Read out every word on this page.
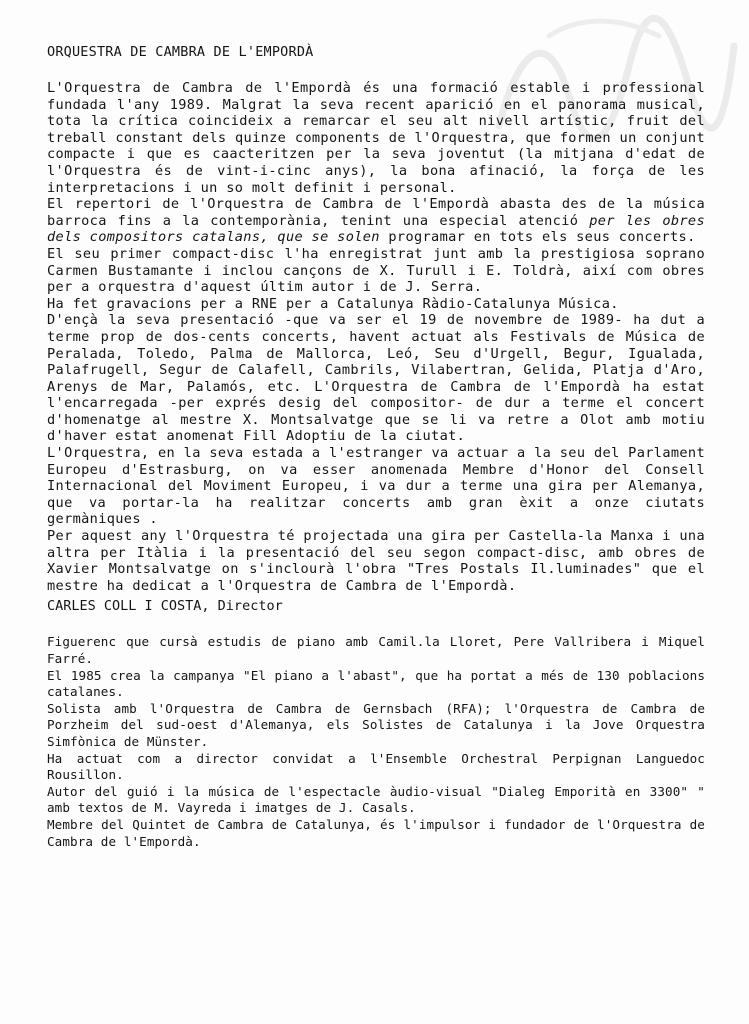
ORQUESTRA DE CAMBRA DE L'EMPORDÀ

L'Orquestra de Cambra de l'Empordà és una formació estable i professional fundada l'any 1989. Malgrat la seva recent aparició en el panorama musical, tota la crítica coincideix a remarcar el seu alt nivell artístic, fruit del treball constant dels quinze components de l'Orquestra, que formen un conjunt compacte i que es caacteritzen per la seva joventut (la mitjana d'edat de l'Orquestra és de vint-i-cinc anys), la bona afinació, la força de les interpretacions i un so molt definit i personal.

El repertori de l'Orquestra de Cambra de l'Empordà abasta des de la música barroca fins a la contemporània, tenint una especial atenció per les obres dels compositors catalans, que se solen programar en tots els seus concerts.

El seu primer compact-disc l'ha enregistrat junt amb la prestigiosa soprano Carmen Bustamante i inclou cançons de X. Turull i E. Toldrà, així com obres per a orquestra d'aquest últim autor i de J. Serra.

Ha fet gravacions per a RNE per a Catalunya Ràdio-Catalunya Música.

D'ençà la seva presentació -que va ser el 19 de novembre de 1989- ha dut a terme prop de dos-cents concerts, havent actuat als Festivals de Música de Peralada, Toledo, Palma de Mallorca, Leó, Seu d'Urgell, Begur, Igualada, Palafrugell, Segur de Calafell, Cambrils, Vilabertran, Gelida, Platja d'Aro, Arenys de Mar, Palamós, etc. L'Orquestra de Cambra de l'Empordà ha estat l'encarregada -per exprés desig del compositor- de dur a terme el concert d'homenatge al mestre X. Montsalvatge que se li va retre a Olot amb motiu d'haver estat anomenat Fill Adoptiu de la ciutat.

L'Orquestra, en la seva estada a l'estranger va actuar a la seu del Parlament Europeu d'Estrasburg, on va esser anomenada Membre d'Honor del Consell Internacional del Moviment Europeu, i va dur a terme una gira per Alemanya, que va portar-la ha realitzar concerts amb gran èxit a onze ciutats germàniques .

Per aquest any l'Orquestra té projectada una gira per Castella-la Manxa i una altra per Itàlia i la presentació del seu segon compact-disc, amb obres de Xavier Montsalvatge on s'inclourà l'obra "Tres Postals Il.luminades" que el mestre ha dedicat a l'Orquestra de Cambra de l'Empordà.

CARLES COLL I COSTA, Director

Figuerenc que cursà estudis de piano amb Camil.la Lloret, Pere Vallribera i Miquel Farré.

El 1985 crea la campanya "El piano a l'abast", que ha portat a més de 130 poblacions catalanes.

Solista amb l'Orquestra de Cambra de Gernsbach (RFA); l'Orquestra de Cambra de Porzheim del sud-oest d'Alemanya, els Solistes de Catalunya i la Jove Orquestra Simfònica de Münster.

Ha actuat com a director convidat a l'Ensemble Orchestral Perpignan Languedoc Rousillon.

Autor del guió i la música de l'espectacle àudio-visual "Dialeg Emporità en 3300" " amb textos de M. Vayreda i imatges de J. Casals.

Membre del Quintet de Cambra de Catalunya, és l'impulsor i fundador de l'Orquestra de Cambra de l'Empordà.
